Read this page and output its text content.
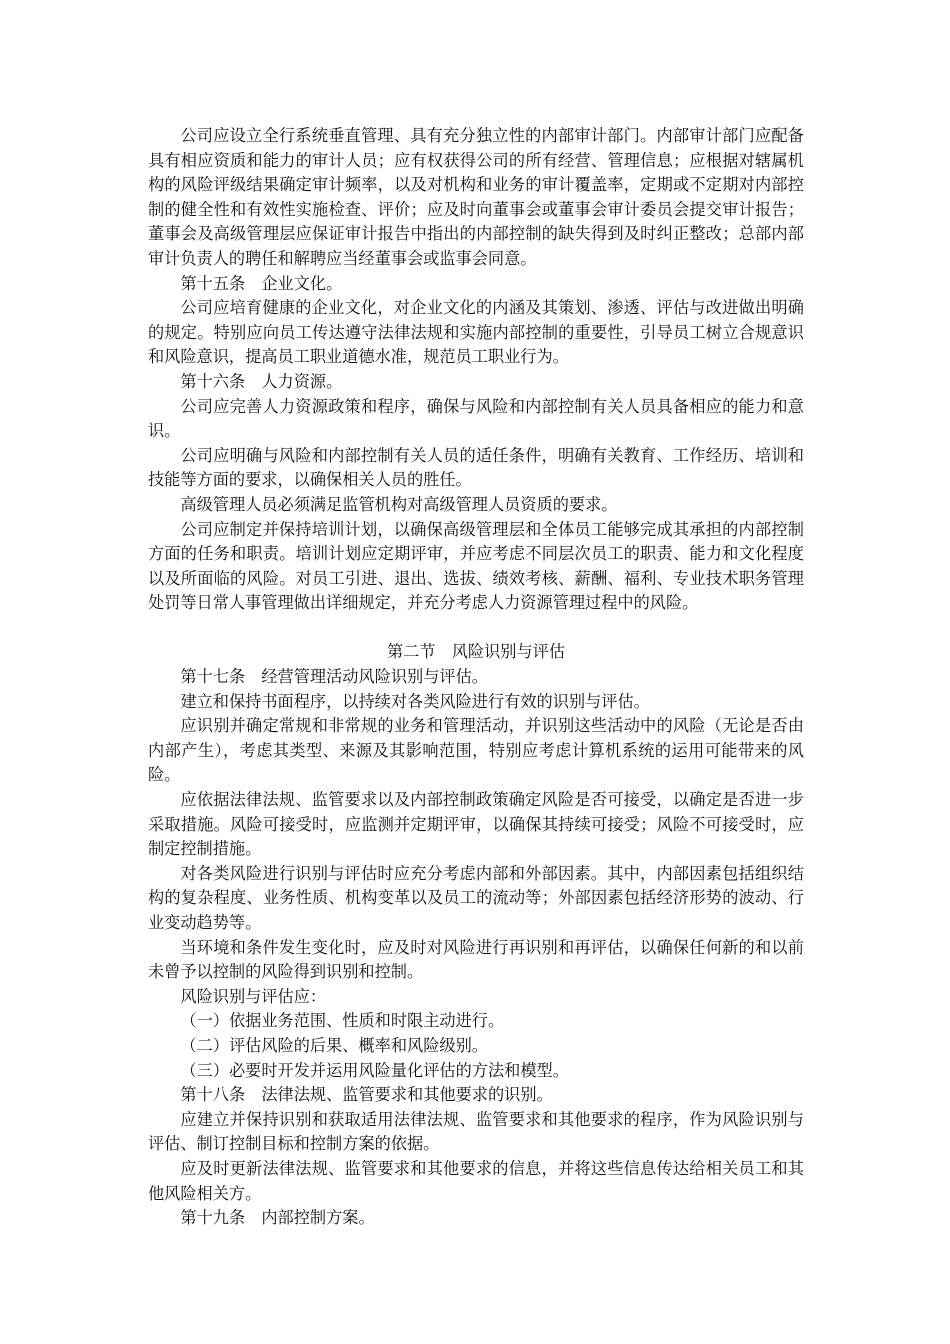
公司应设立全行系统垂直管理、具有充分独立性的内部审计部门。内部审计部门应配备具有相应资质和能力的审计人员；应有权获得公司的所有经营、管理信息；应根据对辖属机构的风险评级结果确定审计频率，以及对机构和业务的审计覆盖率，定期或不定期对内部控制的健全性和有效性实施检查、评价；应及时向董事会或董事会审计委员会提交审计报告；董事会及高级管理层应保证审计报告中指出的内部控制的缺失得到及时纠正整改；总部内部审计负责人的聘任和解聘应当经董事会或监事会同意。

第十五条　企业文化。

公司应培育健康的企业文化，对企业文化的内涵及其策划、渗透、评估与改进做出明确的规定。特别应向员工传达遵守法律法规和实施内部控制的重要性，引导员工树立合规意识和风险意识，提高员工职业道德水准，规范员工职业行为。

第十六条　人力资源。

公司应完善人力资源政策和程序，确保与风险和内部控制有关人员具备相应的能力和意识。

公司应明确与风险和内部控制有关人员的适任条件，明确有关教育、工作经历、培训和技能等方面的要求，以确保相关人员的胜任。

高级管理人员必须满足监管机构对高级管理人员资质的要求。

公司应制定并保持培训计划，以确保高级管理层和全体员工能够完成其承担的内部控制方面的任务和职责。培训计划应定期评审，并应考虑不同层次员工的职责、能力和文化程度以及所面临的风险。对员工引进、退出、选拔、绩效考核、薪酬、福利、专业技术职务管理处罚等日常人事管理做出详细规定，并充分考虑人力资源管理过程中的风险。

第二节　风险识别与评估

第十七条　经营管理活动风险识别与评估。

建立和保持书面程序，以持续对各类风险进行有效的识别与评估。

应识别并确定常规和非常规的业务和管理活动，并识别这些活动中的风险（无论是否由内部产生），考虑其类型、来源及其影响范围，特别应考虑计算机系统的运用可能带来的风险。

应依据法律法规、监管要求以及内部控制政策确定风险是否可接受，以确定是否进一步采取措施。风险可接受时，应监测并定期评审，以确保其持续可接受；风险不可接受时，应制定控制措施。

对各类风险进行识别与评估时应充分考虑内部和外部因素。其中，内部因素包括组织结构的复杂程度、业务性质、机构变革以及员工的流动等；外部因素包括经济形势的波动、行业变动趋势等。

当环境和条件发生变化时，应及时对风险进行再识别和再评估，以确保任何新的和以前未曾予以控制的风险得到识别和控制。

风险识别与评估应：

（一）依据业务范围、性质和时限主动进行。

（二）评估风险的后果、概率和风险级别。

（三）必要时开发并运用风险量化评估的方法和模型。

第十八条　法律法规、监管要求和其他要求的识别。

应建立并保持识别和获取适用法律法规、监管要求和其他要求的程序，作为风险识别与评估、制订控制目标和控制方案的依据。

应及时更新法律法规、监管要求和其他要求的信息，并将这些信息传达给相关员工和其他风险相关方。

第十九条　内部控制方案。
